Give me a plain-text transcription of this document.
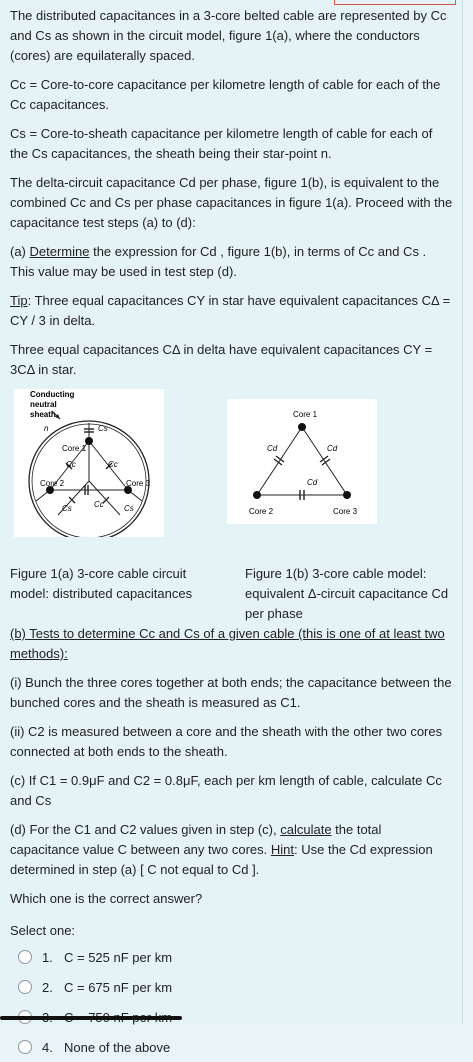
The distributed capacitances in a 3-core belted cable are represented by Cc and Cs as shown in the circuit model, figure 1(a), where the conductors (cores) are equilaterally spaced.

Cc = Core-to-core capacitance per kilometre length of cable for each of the Cc capacitances.

Cs = Core-to-sheath capacitance per kilometre length of cable for each of the Cs capacitances, the sheath being their star-point n.

The delta-circuit capacitance Cd per phase, figure 1(b), is equivalent to the combined Cc and Cs per phase capacitances in figure 1(a). Proceed with the capacitance test steps (a) to (d):

(a) Determine the expression for Cd , figure 1(b), in terms of Cc and Cs . This value may be used in test step (d).

Tip: Three equal capacitances CY in star have equivalent capacitances CΔ = CY / 3 in delta.

Three equal capacitances CΔ in delta have equivalent capacitances CY = 3CΔ in star.

Conducting
neutral
sheath
n
Core 1
Core 2	Core 3
Cs
Cc	Cc
Cc
Cs	Cs
Core 1
Core 2	Core 3
Cd	Cd
Cd
Figure 1(a) 3-core cable circuit model: distributed capacitances
Figure 1(b) 3-core cable model: equivalent Δ-circuit capacitance Cd per phase

(b) Tests to determine Cc and Cs of a given cable (this is one of at least two methods):

(i) Bunch the three cores together at both ends; the capacitance between the bunched cores and the sheath is measured as C1.

(ii) C2 is measured between a core and the sheath with the other two cores connected at both ends to the sheath.

(c) If C1 = 0.9μF and C2 = 0.8μF, each per km length of cable, calculate Cc and Cs

(d) For the C1 and C2 values given in step (c), calculate the total capacitance value C between any two cores. Hint: Use the Cd expression determined in step (a) [ C not equal to Cd ].

Which one is the correct answer?

Select one:
1. C = 525 nF per km
2. C = 675 nF per km
4. None of the above
